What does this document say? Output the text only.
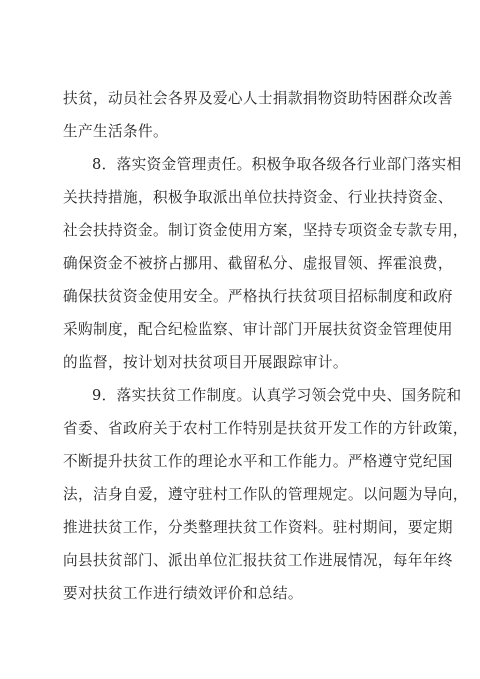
扶贫，动员社会各界及爱心人士捐款捐物资助特困群众改善
生产生活条件。
8．落实资金管理责任。积极争取各级各行业部门落实相
关扶持措施，积极争取派出单位扶持资金、行业扶持资金、
社会扶持资金。制订资金使用方案，坚持专项资金专款专用，
确保资金不被挤占挪用、截留私分、虚报冒领、挥霍浪费，
确保扶贫资金使用安全。严格执行扶贫项目招标制度和政府
采购制度，配合纪检监察、审计部门开展扶贫资金管理使用
的监督，按计划对扶贫项目开展跟踪审计。
9．落实扶贫工作制度。认真学习领会党中央、国务院和
省委、省政府关于农村工作特别是扶贫开发工作的方针政策，
不断提升扶贫工作的理论水平和工作能力。严格遵守党纪国
法，洁身自爱，遵守驻村工作队的管理规定。以问题为导向，
推进扶贫工作，分类整理扶贫工作资料。驻村期间，要定期
向县扶贫部门、派出单位汇报扶贫工作进展情况，每年年终
要对扶贫工作进行绩效评价和总结。
